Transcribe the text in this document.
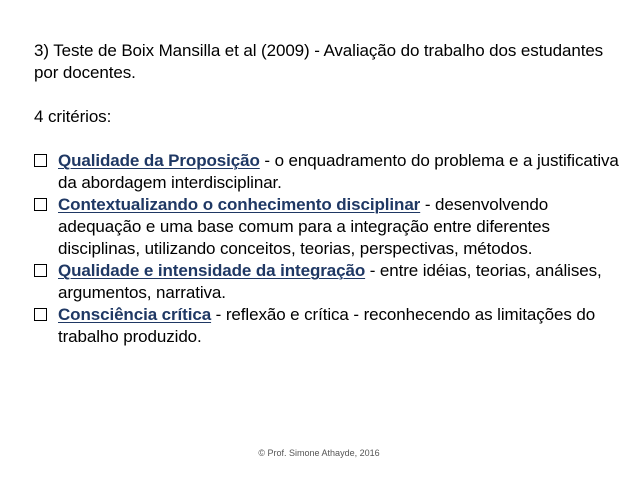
3) Teste de Boix Mansilla et al (2009) - Avaliação do trabalho dos estudantes por docentes.

4 critérios:

Qualidade da Proposição - o enquadramento do problema e a justificativa da abordagem interdisciplinar.

Contextualizando o conhecimento disciplinar - desenvolvendo adequação e uma base comum para a integração entre diferentes disciplinas, utilizando conceitos, teorias, perspectivas, métodos.

Qualidade e intensidade da integração - entre idéias, teorias, análises, argumentos, narrativa.

Consciência crítica - reflexão e crítica - reconhecendo as limitações do trabalho produzido.

© Prof. Simone Athayde, 2016
